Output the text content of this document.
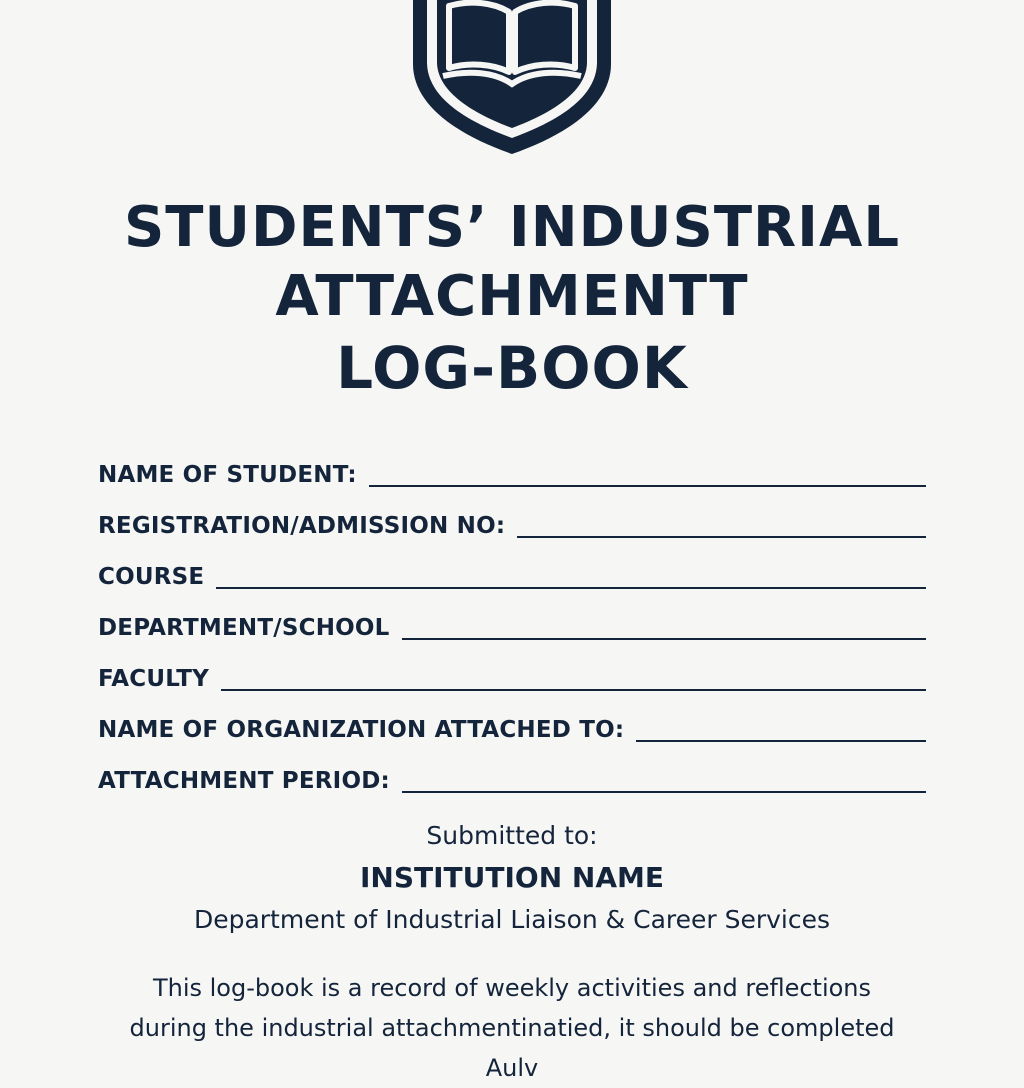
STUDENTS’ INDUSTRIAL
ATTACHMENTT
LOG-BOOK
NAME OF STUDENT:
REGISTRATION/ADMISSION NO:
COURSE
DEPARTMENT/SCHOOL
FACULTY
NAME OF ORGANIZATION ATTACHED TO:
ATTACHMENT PERIOD:
Submitted to:
INSTITUTION NAME
Department of Industrial Liaison & Career Services
This log-book is a record of weekly activities and reflections during the industrial attachmentinatied, it should be completed Aulv
